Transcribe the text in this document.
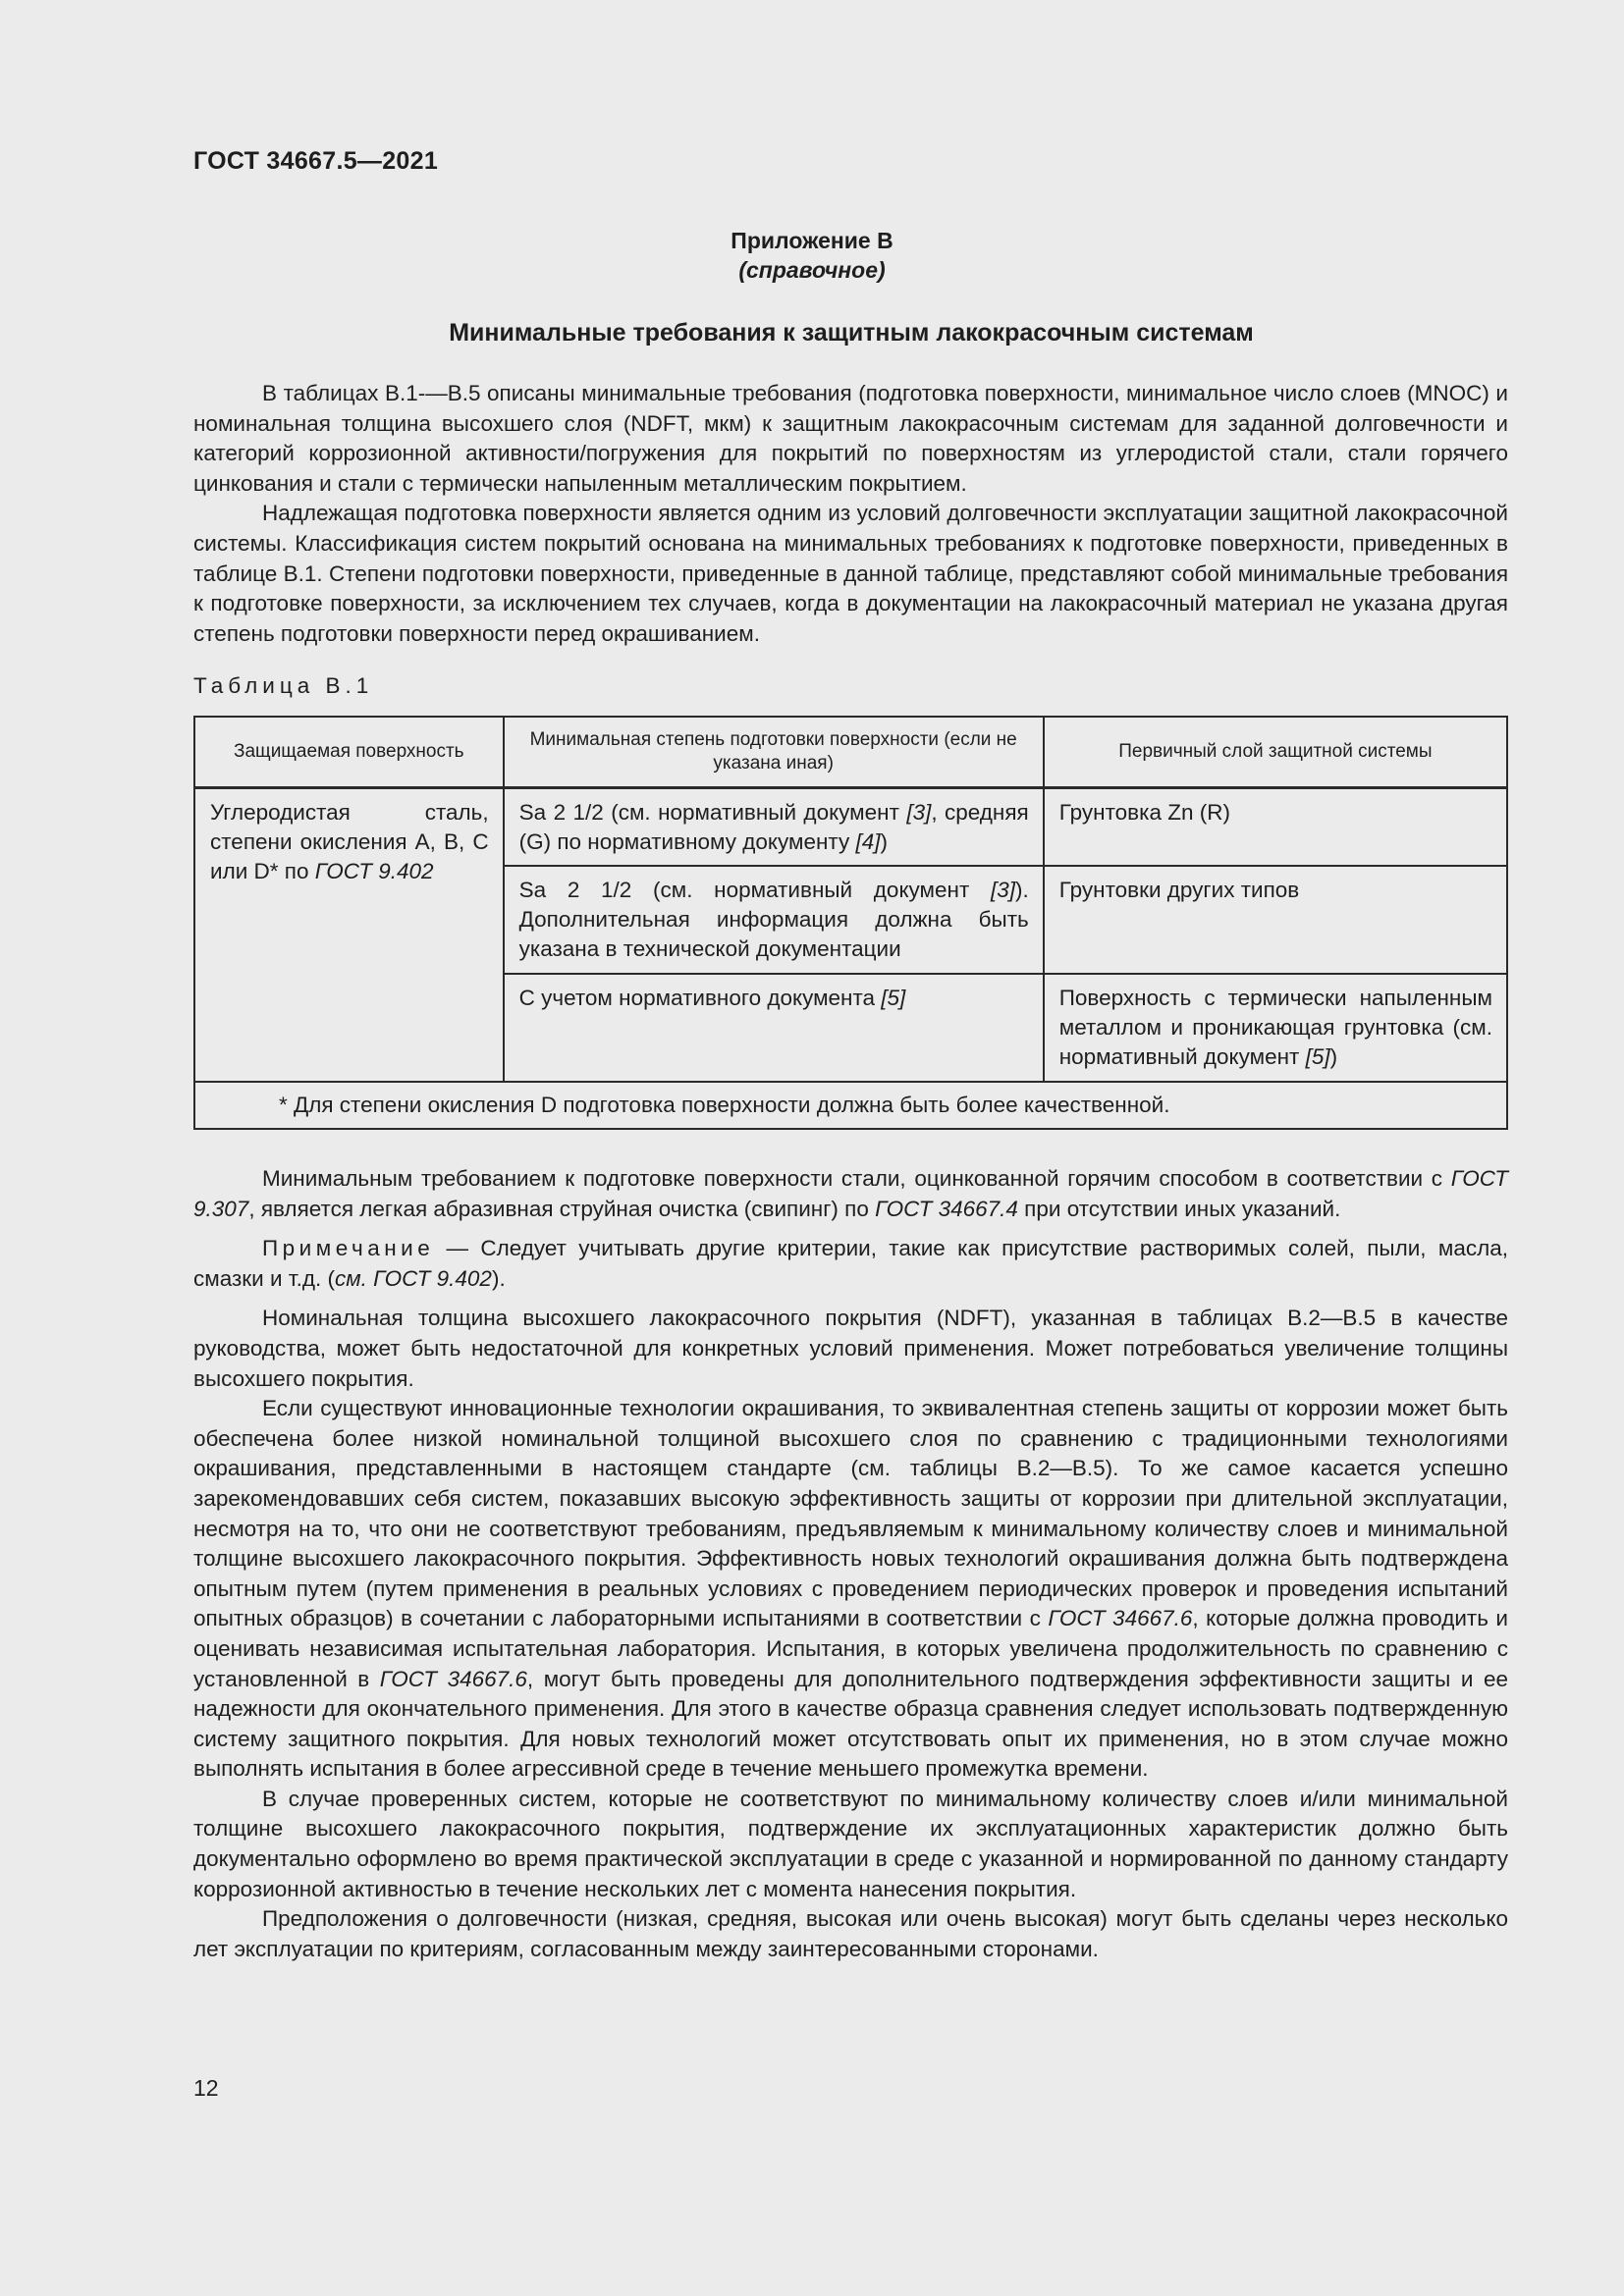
ГОСТ 34667.5—2021
Приложение В
(справочное)
Минимальные требования к защитным лакокрасочным системам

В таблицах В.1-—В.5 описаны минимальные требования (подготовка поверхности, минимальное число слоев (MNOC) и номинальная толщина высохшего слоя (NDFT, мкм) к защитным лакокрасочным системам для заданной долговечности и категорий коррозионной активности/погружения для покрытий по поверхностям из углеродистой стали, стали горячего цинкования и стали с термически напыленным металлическим покрытием.

Надлежащая подготовка поверхности является одним из условий долговечности эксплуатации защитной лакокрасочной системы. Классификация систем покрытий основана на минимальных требованиях к подготовке поверхности, приведенных в таблице В.1. Степени подготовки поверхности, приведенные в данной таблице, представляют собой минимальные требования к подготовке поверхности, за исключением тех случаев, когда в документации на лакокрасочный материал не указана другая степень подготовки поверхности перед окрашиванием.

Таблица В.1
Защищаемая поверхность	Минимальная степень подготовки поверхности (если не указана иная)	Первичный слой защитной системы
Углеродистая сталь, степени окисления А, В, С или D* по ГОСТ 9.402	Sa 2 1/2 (см. нормативный документ [3], средняя (G) по нормативному документу [4])	Грунтовка Zn (R)
	Sa 2 1/2 (см. нормативный документ [3]). Дополнительная информация должна быть указана в технической документации	Грунтовки других типов
	С учетом нормативного документа [5]	Поверхность с термически напыленным металлом и проникающая грунтовка (см. нормативный документ [5])
* Для степени окисления D подготовка поверхности должна быть более качественной.		

Минимальным требованием к подготовке поверхности стали, оцинкованной горячим способом в соответствии с ГОСТ 9.307, является легкая абразивная струйная очистка (свипинг) по ГОСТ 34667.4 при отсутствии иных указаний.

Примечание — Следует учитывать другие критерии, такие как присутствие растворимых солей, пыли, масла, смазки и т.д. (см. ГОСТ 9.402).

Номинальная толщина высохшего лакокрасочного покрытия (NDFT), указанная в таблицах В.2—В.5 в качестве руководства, может быть недостаточной для конкретных условий применения. Может потребоваться увеличение толщины высохшего покрытия.

Если существуют инновационные технологии окрашивания, то эквивалентная степень защиты от коррозии может быть обеспечена более низкой номинальной толщиной высохшего слоя по сравнению с традиционными технологиями окрашивания, представленными в настоящем стандарте (см. таблицы В.2—В.5). То же самое касается успешно зарекомендовавших себя систем, показавших высокую эффективность защиты от коррозии при длительной эксплуатации, несмотря на то, что они не соответствуют требованиям, предъявляемым к минимальному количеству слоев и минимальной толщине высохшего лакокрасочного покрытия. Эффективность новых технологий окрашивания должна быть подтверждена опытным путем (путем применения в реальных условиях с проведением периодических проверок и проведения испытаний опытных образцов) в сочетании с лабораторными испытаниями в соответствии с ГОСТ 34667.6, которые должна проводить и оценивать независимая испытательная лаборатория. Испытания, в которых увеличена продолжительность по сравнению с установленной в ГОСТ 34667.6, могут быть проведены для дополнительного подтверждения эффективности защиты и ее надежности для окончательного применения. Для этого в качестве образца сравнения следует использовать подтвержденную систему защитного покрытия. Для новых технологий может отсутствовать опыт их применения, но в этом случае можно выполнять испытания в более агрессивной среде в течение меньшего промежутка времени.

В случае проверенных систем, которые не соответствуют по минимальному количеству слоев и/или минимальной толщине высохшего лакокрасочного покрытия, подтверждение их эксплуатационных характеристик должно быть документально оформлено во время практической эксплуатации в среде с указанной и нормированной по данному стандарту коррозионной активностью в течение нескольких лет с момента нанесения покрытия.

Предположения о долговечности (низкая, средняя, высокая или очень высокая) могут быть сделаны через несколько лет эксплуатации по критериям, согласованным между заинтересованными сторонами.

12
